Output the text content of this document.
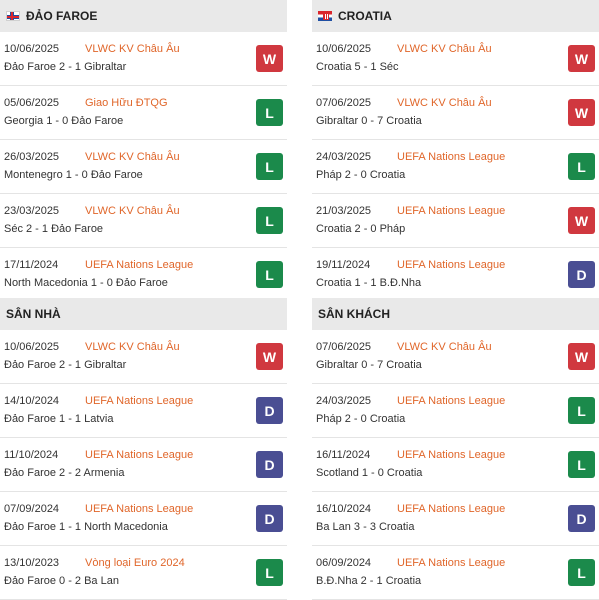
ĐẢO FAROE
10/06/2025 VLWC KV Châu Âu
Đảo Faroe 2 - 1 Gibraltar
W
05/06/2025 Giao Hữu ĐTQG
Georgia 1 - 0 Đảo Faroe
L
26/03/2025 VLWC KV Châu Âu
Montenegro 1 - 0 Đảo Faroe
L
23/03/2025 VLWC KV Châu Âu
Séc 2 - 1 Đảo Faroe
L
17/11/2024 UEFA Nations League
North Macedonia 1 - 0 Đảo Faroe
L
CROATIA
10/06/2025 VLWC KV Châu Âu
Croatia 5 - 1 Séc
W
07/06/2025 VLWC KV Châu Âu
Gibraltar 0 - 7 Croatia
W
24/03/2025 UEFA Nations League
Pháp 2 - 0 Croatia
L
21/03/2025 UEFA Nations League
Croatia 2 - 0 Pháp
W
19/11/2024 UEFA Nations League
Croatia 1 - 1 B.Đ.Nha
D
SÂN NHÀ
10/06/2025 VLWC KV Châu Âu
Đảo Faroe 2 - 1 Gibraltar
W
14/10/2024 UEFA Nations League
Đảo Faroe 1 - 1 Latvia
D
11/10/2024 UEFA Nations League
Đảo Faroe 2 - 2 Armenia
D
07/09/2024 UEFA Nations League
Đảo Faroe 1 - 1 North Macedonia
D
13/10/2023 Vòng loại Euro 2024
Đảo Faroe 0 - 2 Ba Lan
L
SÂN KHÁCH
07/06/2025 VLWC KV Châu Âu
Gibraltar 0 - 7 Croatia
W
24/03/2025 UEFA Nations League
Pháp 2 - 0 Croatia
L
16/11/2024 UEFA Nations League
Scotland 1 - 0 Croatia
L
16/10/2024 UEFA Nations League
Ba Lan 3 - 3 Croatia
D
06/09/2024 UEFA Nations League
B.Đ.Nha 2 - 1 Croatia
L
